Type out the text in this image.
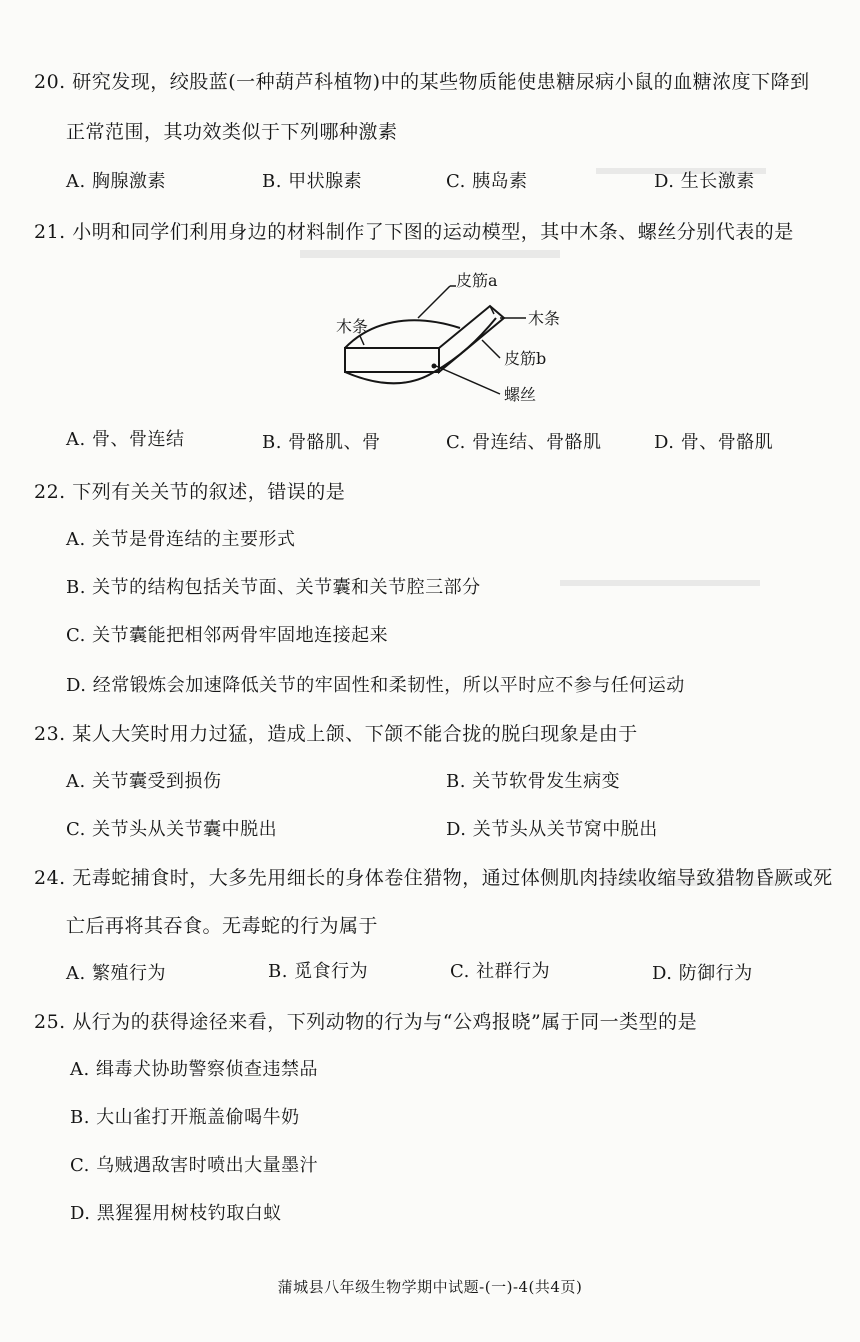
20. 研究发现，绞股蓝(一种葫芦科植物)中的某些物质能使患糖尿病小鼠的血糖浓度下降到
正常范围，其功效类似于下列哪种激素
A. 胸腺激素	B. 甲状腺素	C. 胰岛素	D. 生长激素
21. 小明和同学们利用身边的材料制作了下图的运动模型，其中木条、螺丝分别代表的是
皮筋a
木条	木条
皮筋b
螺丝
A. 骨、骨连结	B. 骨骼肌、骨	C. 骨连结、骨骼肌	D. 骨、骨骼肌
22. 下列有关关节的叙述，错误的是
A. 关节是骨连结的主要形式
B. 关节的结构包括关节面、关节囊和关节腔三部分
C. 关节囊能把相邻两骨牢固地连接起来
D. 经常锻炼会加速降低关节的牢固性和柔韧性，所以平时应不参与任何运动
23. 某人大笑时用力过猛，造成上颌、下颌不能合拢的脱臼现象是由于
A. 关节囊受到损伤	B. 关节软骨发生病变
C. 关节头从关节囊中脱出	D. 关节头从关节窝中脱出
24. 无毒蛇捕食时，大多先用细长的身体卷住猎物，通过体侧肌肉持续收缩导致猎物昏厥或死
亡后再将其吞食。无毒蛇的行为属于
A. 繁殖行为	B. 觅食行为	C. 社群行为	D. 防御行为
25. 从行为的获得途径来看，下列动物的行为与“公鸡报晓”属于同一类型的是
A. 缉毒犬协助警察侦查违禁品
B. 大山雀打开瓶盖偷喝牛奶
C. 乌贼遇敌害时喷出大量墨汁
D. 黑猩猩用树枝钓取白蚁
蒲城县八年级生物学期中试题-(一)-4(共4页)
